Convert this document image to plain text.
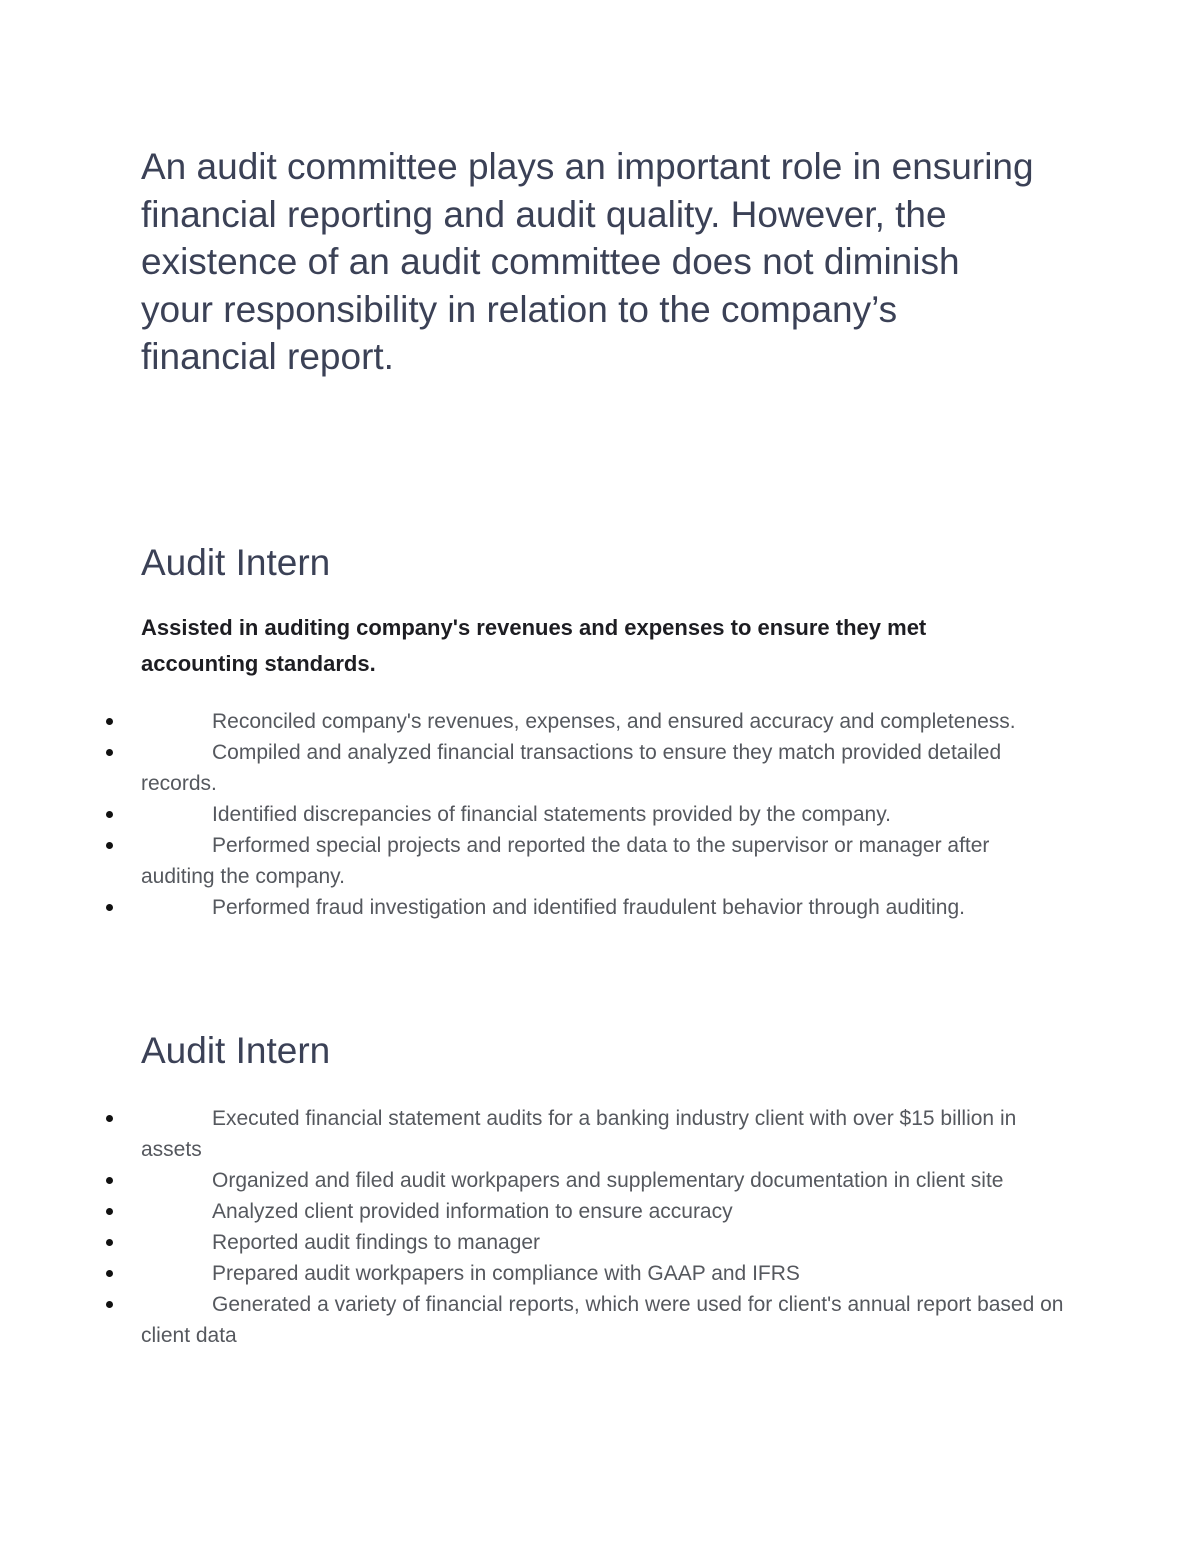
An audit committee plays an important role in ensuring financial reporting and audit quality. However, the existence of an audit committee does not diminish your responsibility in relation to the company’s financial report.

Audit Intern

Assisted in auditing company's revenues and expenses to ensure they met accounting standards.

Reconciled company's revenues, expenses, and ensured accuracy and completeness.
Compiled and analyzed financial transactions to ensure they match provided detailed records.
Identified discrepancies of financial statements provided by the company.
Performed special projects and reported the data to the supervisor or manager after auditing the company.
Performed fraud investigation and identified fraudulent behavior through auditing.
Audit Intern
Executed financial statement audits for a banking industry client with over $15 billion in assets
Organized and filed audit workpapers and supplementary documentation in client site
Analyzed client provided information to ensure accuracy
Reported audit findings to manager
Prepared audit workpapers in compliance with GAAP and IFRS
Generated a variety of financial reports, which were used for client's annual report based on client data
